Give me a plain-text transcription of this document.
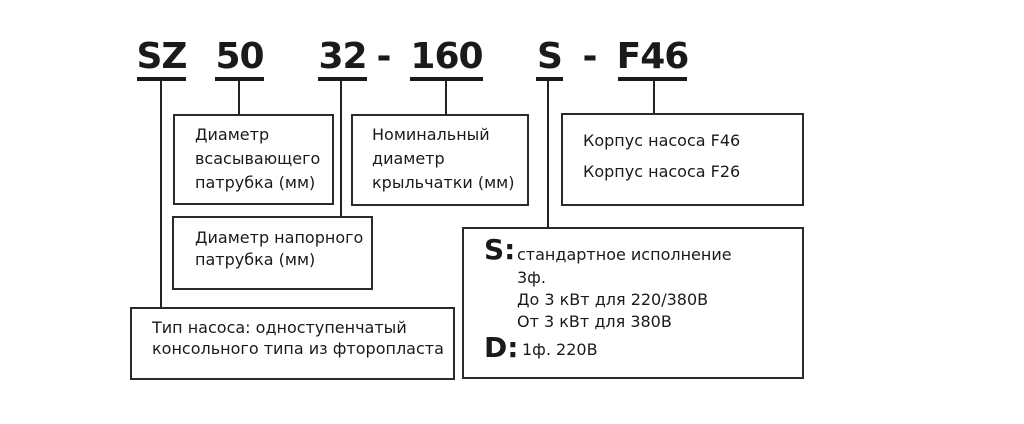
SZ 50 32 - 160 S - F46
Диаметр
всасывающего
патрубка (мм)
Номинальный
диаметр
крыльчатки (мм)
Корпус насоса F46
Корпус насоса F26
Диаметр напорного
патрубка (мм)
Тип насоса: одноступенчатый
консольного типа из фторопласта
S: стандартное исполнение
3ф.
До 3 кВт для 220/380В
От 3 кВт для 380В
D: 1ф. 220В
